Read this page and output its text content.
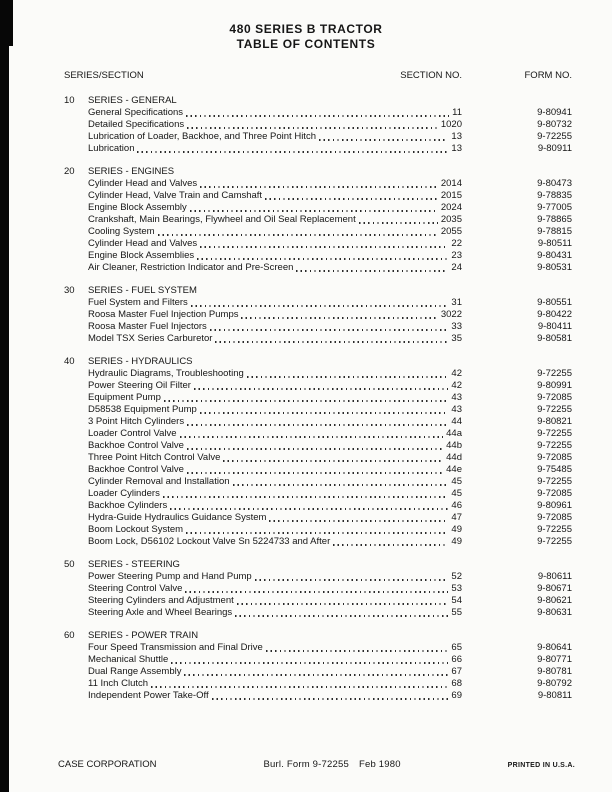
480 SERIES B TRACTOR
TABLE OF CONTENTS
SERIES/SECTION	SECTION NO.	FORM NO.
10	SERIES - GENERAL
General Specifications	11	9-80941
Detailed Specifications	1020	9-80732
Lubrication of Loader, Backhoe, and Three Point Hitch	13	9-72255
Lubrication	13	9-80911
20	SERIES - ENGINES
Cylinder Head and Valves	2014	9-80473
Cylinder Head, Valve Train and Camshaft	2015	9-78835
Engine Block Assembly	2024	9-77005
Crankshaft, Main Bearings, Flywheel and Oil Seal Replacement	2035	9-78865
Cooling System	2055	9-78815
Cylinder Head and Valves	22	9-80511
Engine Block Assemblies	23	9-80431
Air Cleaner, Restriction Indicator and Pre-Screen	24	9-80531
30	SERIES - FUEL SYSTEM
Fuel System and Filters	31	9-80551
Roosa Master Fuel Injection Pumps	3022	9-80422
Roosa Master Fuel Injectors	33	9-80411
Model TSX Series Carburetor	35	9-80581
40	SERIES - HYDRAULICS
Hydraulic Diagrams, Troubleshooting	42	9-72255
Power Steering Oil Filter	42	9-80991
Equipment Pump	43	9-72085
D58538 Equipment Pump	43	9-72255
3 Point Hitch Cylinders	44	9-80821
Loader Control Valve	44a	9-72255
Backhoe Control Valve	44b	9-72255
Three Point Hitch Control Valve	44d	9-72085
Backhoe Control Valve	44e	9-75485
Cylinder Removal and Installation	45	9-72255
Loader Cylinders	45	9-72085
Backhoe Cylinders	46	9-80961
Hydra-Guide Hydraulics Guidance System	47	9-72085
Boom Lockout System	49	9-72255
Boom Lock, D56102 Lockout Valve Sn 5224733 and After	49	9-72255
50	SERIES - STEERING
Power Steering Pump and Hand Pump	52	9-80611
Steering Control Valve	53	9-80671
Steering Cylinders and Adjustment	54	9-80621
Steering Axle and Wheel Bearings	55	9-80631
60	SERIES - POWER TRAIN
Four Speed Transmission and Final Drive	65	9-80641
Mechanical Shuttle	66	9-80771
Dual Range Assembly	67	9-80781
11 Inch Clutch	68	9-80792
Independent Power Take-Off	69	9-80811
CASE CORPORATION	Burl. Form 9-72255 Feb 1980	PRINTED IN U.S.A.
